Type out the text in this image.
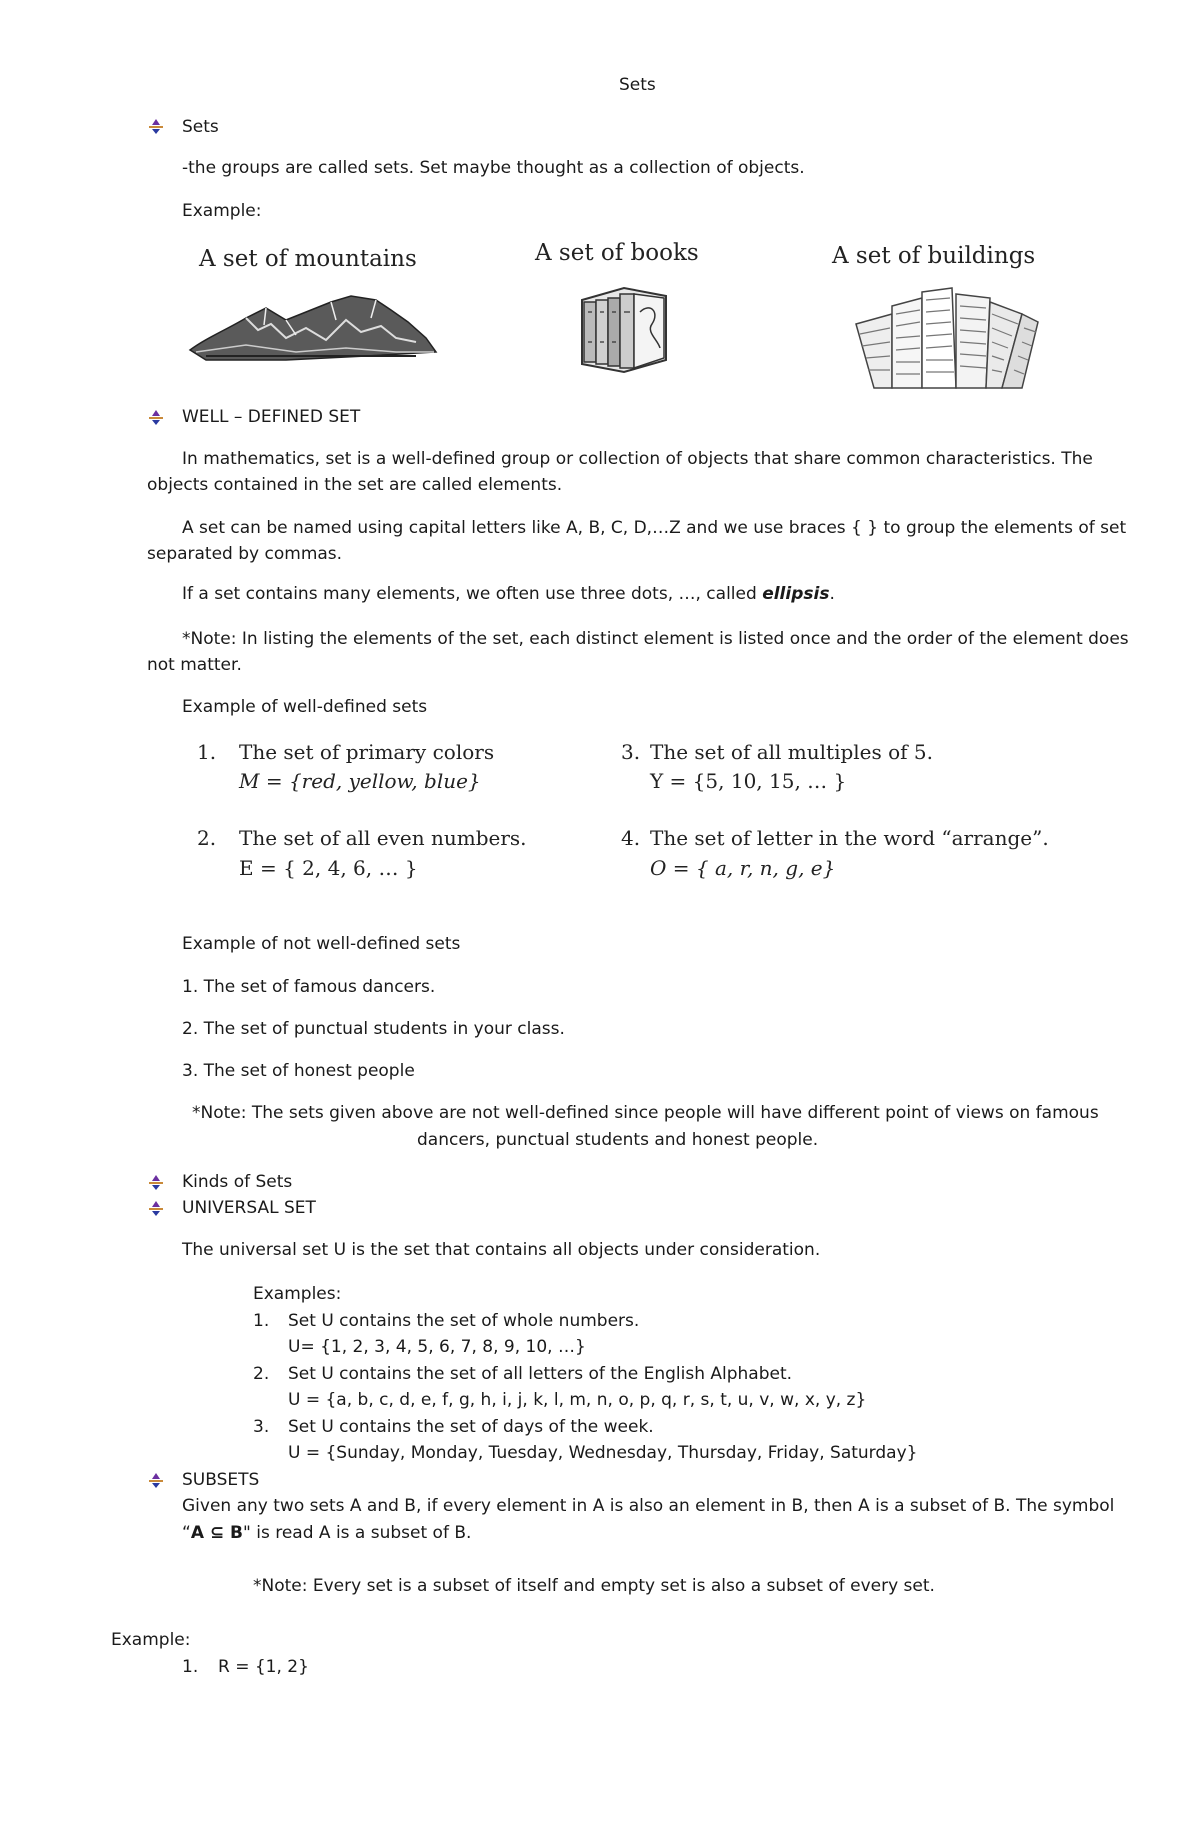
Sets
Sets
-the groups are called sets. Set maybe thought as a collection of objects.
Example:
A set of mountains	A set of books	A set of buildings
WELL – DEFINED SET
In mathematics, set is a well-defined group or collection of objects that share common characteristics. The objects contained in the set are called elements.
A set can be named using capital letters like A, B, C, D,…Z and we use braces { } to group the elements of set separated by commas.
If a set contains many elements, we often use three dots, …, called ellipsis.
*Note: In listing the elements of the set, each distinct element is listed once and the order of the element does not matter.
Example of well-defined sets
1. The set of primary colors
M = {red, yellow, blue}
3. The set of all multiples of 5.
Y = {5, 10, 15, … }
2. The set of all even numbers.
E = { 2, 4, 6, … }
4. The set of letter in the word “arrange”.
O = { a, r, n, g, e}
Example of not well-defined sets
1. The set of famous dancers.
2. The set of punctual students in your class.
3. The set of honest people
*Note: The sets given above are not well-defined since people will have different point of views on famous
dancers, punctual students and honest people.
Kinds of Sets
UNIVERSAL SET
The universal set U is the set that contains all objects under consideration.
Examples:
1. Set U contains the set of whole numbers.
U= {1, 2, 3, 4, 5, 6, 7, 8, 9, 10, …}
2. Set U contains the set of all letters of the English Alphabet.
U = {a, b, c, d, e, f, g, h, i, j, k, l, m, n, o, p, q, r, s, t, u, v, w, x, y, z}
3. Set U contains the set of days of the week.
U = {Sunday, Monday, Tuesday, Wednesday, Thursday, Friday, Saturday}
SUBSETS
Given any two sets A and B, if every element in A is also an element in B, then A is a subset of B. The symbol
“A ⊆ B" is read A is a subset of B.
*Note: Every set is a subset of itself and empty set is also a subset of every set.
Example:
1. R = {1, 2}
